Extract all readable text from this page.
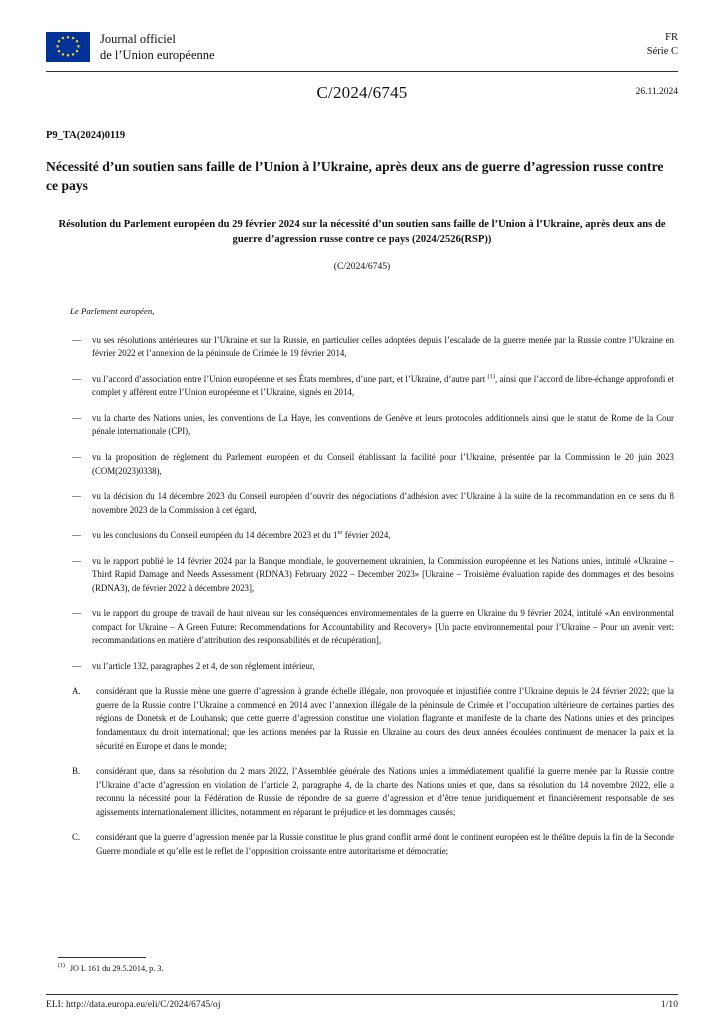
Journal officiel
de l’Union européenne
FR
Série C
C/2024/6745	26.11.2024
P9_TA(2024)0119
Nécessité d’un soutien sans faille de l’Union à l’Ukraine, après deux ans de guerre d’agression russe contre ce pays
Résolution du Parlement européen du 29 février 2024 sur la nécessité d’un soutien sans faille de l’Union à l’Ukraine, après deux ans de guerre d’agression russe contre ce pays (2024/2526(RSP))
(C/2024/6745)
Le Parlement européen,
—	vu ses résolutions antérieures sur l’Ukraine et sur la Russie, en particulier celles adoptées depuis l’escalade de la guerre menée par la Russie contre l’Ukraine en février 2022 et l’annexion de la péninsule de Crimée le 19 février 2014,
—	vu l’accord d’association entre l’Union européenne et ses États membres, d’une part, et l’Ukraine, d’autre part $^{(1)}$, ainsi que l’accord de libre-échange approfondi et complet y afférent entre l’Union européenne et l’Ukraine, signés en 2014,
—	vu la charte des Nations unies, les conventions de La Haye, les conventions de Genève et leurs protocoles additionnels ainsi que le statut de Rome de la Cour pénale internationale (CPI),
—	vu la proposition de règlement du Parlement européen et du Conseil établissant la facilité pour l’Ukraine, présentée par la Commission le 20 juin 2023 (COM(2023)0338),
—	vu la décision du 14 décembre 2023 du Conseil européen d’ouvrir des négociations d’adhésion avec l’Ukraine à la suite de la recommandation en ce sens du 8 novembre 2023 de la Commission à cet égard,
—	vu les conclusions du Conseil européen du 14 décembre 2023 et du 1er février 2024,
—	vu le rapport publié le 14 février 2024 par la Banque mondiale, le gouvernement ukrainien, la Commission européenne et les Nations unies, intitulé «Ukraine – Third Rapid Damage and Needs Assessment (RDNA3) February 2022 – December 2023» [Ukraine – Troisième évaluation rapide des dommages et des besoins (RDNA3), de février 2022 à décembre 2023],
—	vu le rapport du groupe de travail de haut niveau sur les conséquences environnementales de la guerre en Ukraine du 9 février 2024, intitulé «An environmental compact for Ukraine – A Green Future: Recommendations for Accountability and Recovery» [Un pacte environnemental pour l’Ukraine – Pour un avenir vert: recommandations en matière d’attribution des responsabilités et de récupération],
—	vu l’article 132, paragraphes 2 et 4, de son règlement intérieur,
A.	considérant que la Russie mène une guerre d’agression à grande échelle illégale, non provoquée et injustifiée contre l’Ukraine depuis le 24 février 2022; que la guerre de la Russie contre l’Ukraine a commencé en 2014 avec l’annexion illégale de la péninsule de Crimée et l’occupation ultérieure de certaines parties des régions de Donetsk et de Louhansk; que cette guerre d’agression constitue une violation flagrante et manifeste de la charte des Nations unies et des principes fondamentaux du droit international; que les actions menées par la Russie en Ukraine au cours des deux années écoulées continuent de menacer la paix et la sécurité en Europe et dans le monde;
B.	considérant que, dans sa résolution du 2 mars 2022, l’Assemblée générale des Nations unies a immédiatement qualifié la guerre menée par la Russie contre l’Ukraine d’acte d’agression en violation de l’article 2, paragraphe 4, de la charte des Nations unies et que, dans sa résolution du 14 novembre 2022, elle a reconnu la nécessité pour la Fédération de Russie de répondre de sa guerre d’agression et d’être tenue juridiquement et financièrement responsable de ses agissements internationalement illicites, notamment en réparant le préjudice et les dommages causés;
C.	considérant que la guerre d’agression menée par la Russie constitue le plus grand conflit armé dont le continent européen est le théâtre depuis la fin de la Seconde Guerre mondiale et qu’elle est le reflet de l’opposition croissante entre autoritarisme et démocratie;
$^{(1)}$ JO L 161 du 29.5.2014, p. 3.
ELI: http://data.europa.eu/eli/C/2024/6745/oj	1/10
